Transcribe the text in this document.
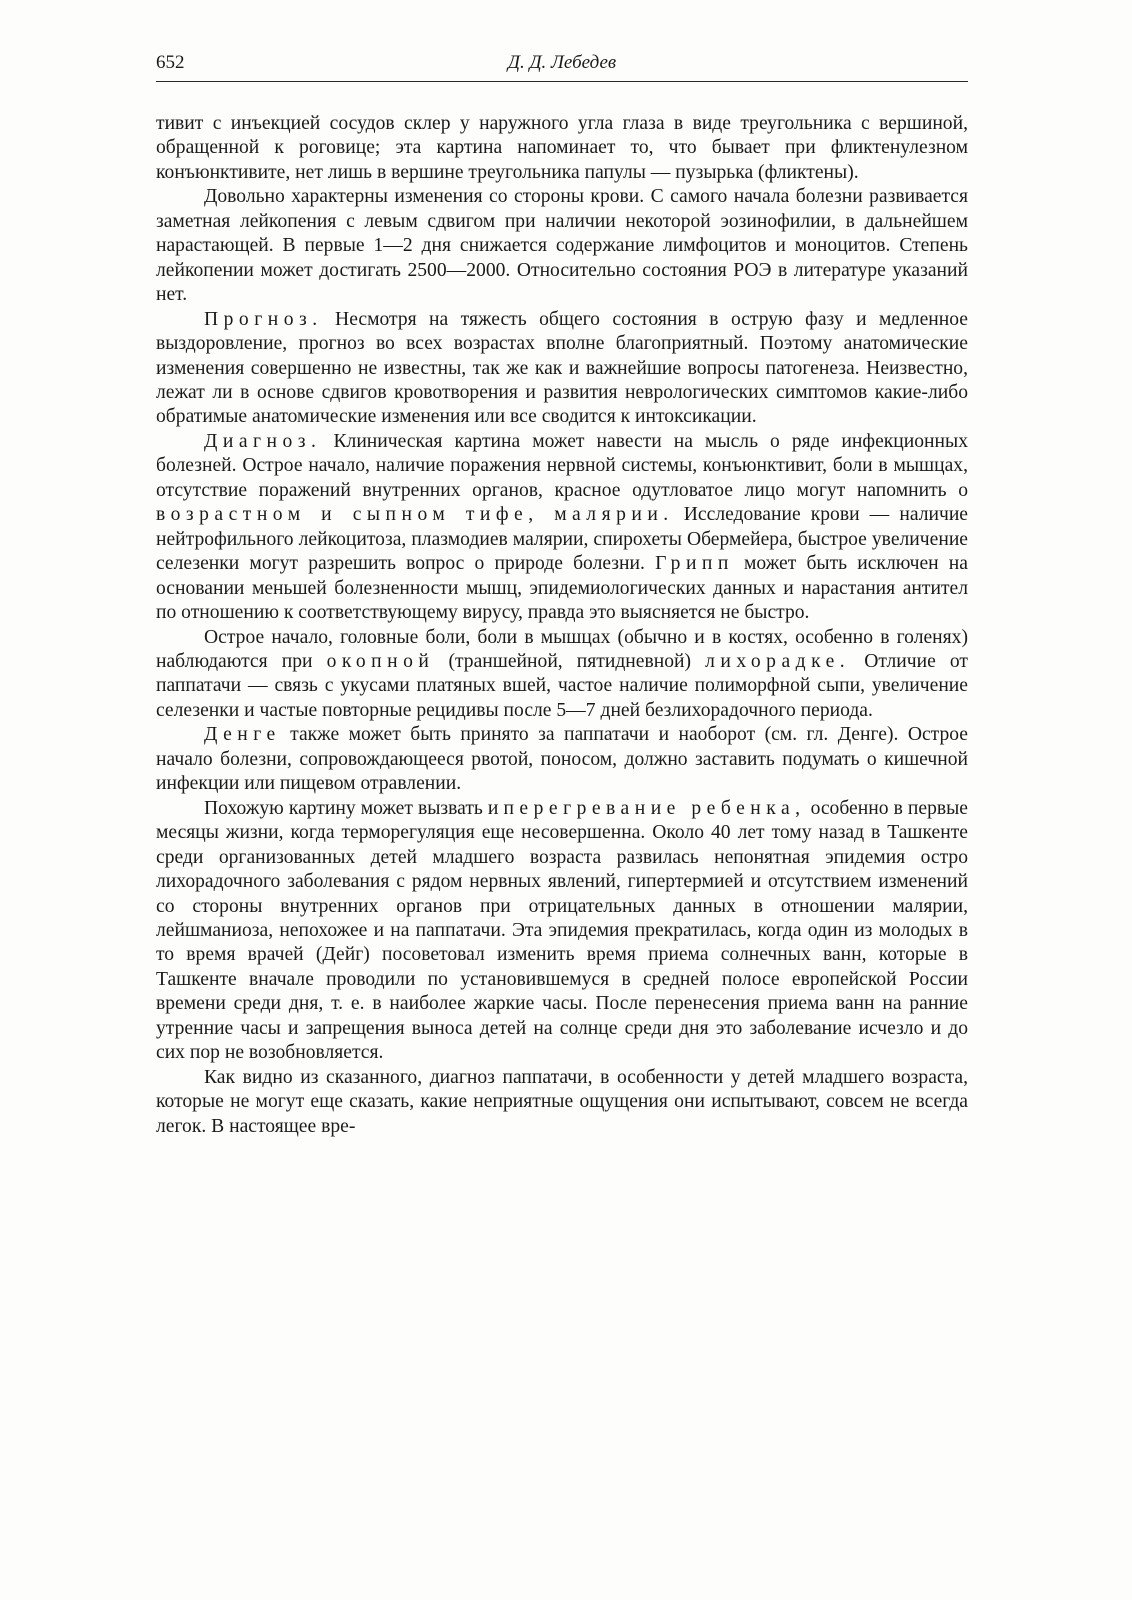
652	Д. Д. Лебедев

тивит с инъекцией сосудов склер у наружного угла глаза в виде треугольника с вершиной, обращенной к роговице; эта картина напоминает то, что бывает при фликтенулезном конъюнктивите, нет лишь в вершине треугольника папулы — пузырька (фликтены).

Довольно характерны изменения со стороны крови. С самого начала болезни развивается заметная лейкопения с левым сдвигом при наличии некоторой эозинофилии, в дальнейшем нарастающей. В первые 1—2 дня снижается содержание лимфоцитов и моноцитов. Степень лейкопении может достигать 2500—2000. Относительно состояния РОЭ в литературе указаний нет.

Прогноз. Несмотря на тяжесть общего состояния в острую фазу и медленное выздоровление, прогноз во всех возрастах вполне благоприятный. Поэтому анатомические изменения совершенно не известны, так же как и важнейшие вопросы патогенеза. Неизвестно, лежат ли в основе сдвигов кровотворения и развития неврологических симптомов какие-либо обратимые анатомические изменения или все сводится к интоксикации.

Диагноз. Клиническая картина может навести на мысль о ряде инфекционных болезней. Острое начало, наличие поражения нервной системы, конъюнктивит, боли в мышцах, отсутствие поражений внутренних органов, красное одутловатое лицо могут напомнить о возрастном и сыпном тифе, малярии. Исследование крови — наличие нейтрофильного лейкоцитоза, плазмодиев малярии, спирохеты Обермейера, быстрое увеличение селезенки могут разрешить вопрос о природе болезни. Грипп может быть исключен на основании меньшей болезненности мышц, эпидемиологических данных и нарастания антител по отношению к соответствующему вирусу, правда это выясняется не быстро.

Острое начало, головные боли, боли в мышцах (обычно и в костях, особенно в голенях) наблюдаются при окопной (траншейной, пятидневной) лихорадке. Отличие от паппатачи — связь с укусами платяных вшей, частое наличие полиморфной сыпи, увеличение селезенки и частые повторные рецидивы после 5—7 дней безлихорадочного периода.

Денге также может быть принято за паппатачи и наоборот (см. гл. Денге). Острое начало болезни, сопровождающееся рвотой, поносом, должно заставить подумать о кишечной инфекции или пищевом отравлении.

Похожую картину может вызвать и перегревание ребенка, особенно в первые месяцы жизни, когда терморегуляция еще несовершенна. Около 40 лет тому назад в Ташкенте среди организованных детей младшего возраста развилась непонятная эпидемия остро лихорадочного заболевания с рядом нервных явлений, гипертермией и отсутствием изменений со стороны внутренних органов при отрицательных данных в отношении малярии, лейшманиоза, непохожее и на паппатачи. Эта эпидемия прекратилась, когда один из молодых в то время врачей (Дейг) посоветовал изменить время приема солнечных ванн, которые в Ташкенте вначале проводили по установившемуся в средней полосе европейской России времени среди дня, т. е. в наиболее жаркие часы. После перенесения приема ванн на ранние утренние часы и запрещения выноса детей на солнце среди дня это заболевание исчезло и до сих пор не возобновляется.

Как видно из сказанного, диагноз паппатачи, в особенности у детей младшего возраста, которые не могут еще сказать, какие неприятные ощущения они испытывают, совсем не всегда легок. В настоящее вре-
